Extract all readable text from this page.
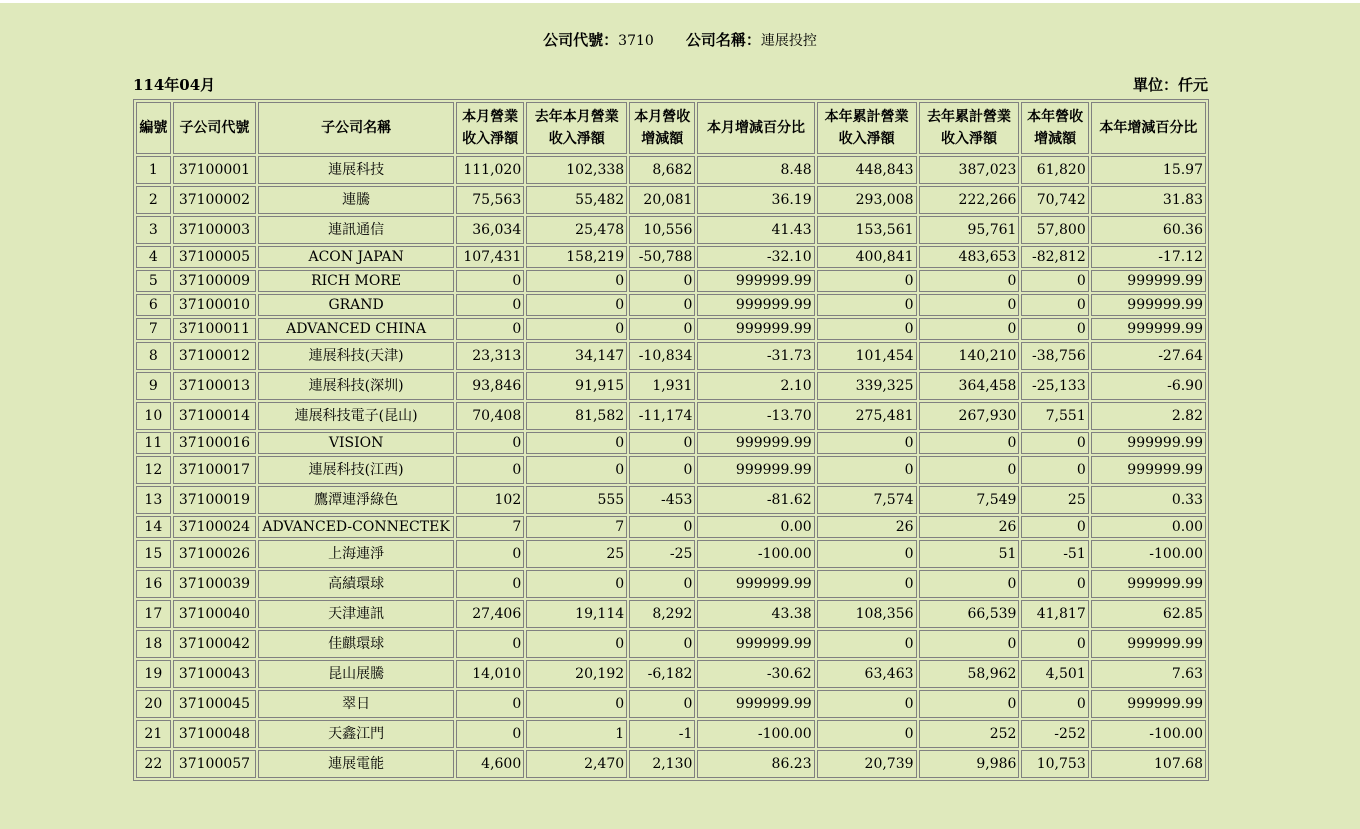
公司代號：3710 公司名稱：連展投控
114年04月	單位：仟元
編號	子公司代號	子公司名稱	本月營業
收入淨額	去年本月營業
收入淨額	本月營收
增減額	本月增減百分比	本年累計營業
收入淨額	去年累計營業
收入淨額	本年營收
增減額	本年增減百分比
1	37100001	連展科技	111,020	102,338	8,682	8.48	448,843	387,023	61,820	15.97
2	37100002	連騰	75,563	55,482	20,081	36.19	293,008	222,266	70,742	31.83
3	37100003	連訊通信	36,034	25,478	10,556	41.43	153,561	95,761	57,800	60.36
4	37100005	ACON JAPAN	107,431	158,219	-50,788	-32.10	400,841	483,653	-82,812	-17.12
5	37100009	RICH MORE	0	0	0	999999.99	0	0	0	999999.99
6	37100010	GRAND	0	0	0	999999.99	0	0	0	999999.99
7	37100011	ADVANCED CHINA	0	0	0	999999.99	0	0	0	999999.99
8	37100012	連展科技(天津)	23,313	34,147	-10,834	-31.73	101,454	140,210	-38,756	-27.64
9	37100013	連展科技(深圳)	93,846	91,915	1,931	2.10	339,325	364,458	-25,133	-6.90
10	37100014	連展科技電子(昆山)	70,408	81,582	-11,174	-13.70	275,481	267,930	7,551	2.82
11	37100016	VISION	0	0	0	999999.99	0	0	0	999999.99
12	37100017	連展科技(江西)	0	0	0	999999.99	0	0	0	999999.99
13	37100019	鷹潭連淨綠色	102	555	-453	-81.62	7,574	7,549	25	0.33
14	37100024	ADVANCED-CONNECTEK	7	7	0	0.00	26	26	0	0.00
15	37100026	上海連淨	0	25	-25	-100.00	0	51	-51	-100.00
16	37100039	高績環球	0	0	0	999999.99	0	0	0	999999.99
17	37100040	天津連訊	27,406	19,114	8,292	43.38	108,356	66,539	41,817	62.85
18	37100042	佳麒環球	0	0	0	999999.99	0	0	0	999999.99
19	37100043	昆山展騰	14,010	20,192	-6,182	-30.62	63,463	58,962	4,501	7.63
20	37100045	翠日	0	0	0	999999.99	0	0	0	999999.99
21	37100048	天鑫江門	0	1	-1	-100.00	0	252	-252	-100.00
22	37100057	連展電能	4,600	2,470	2,130	86.23	20,739	9,986	10,753	107.68
